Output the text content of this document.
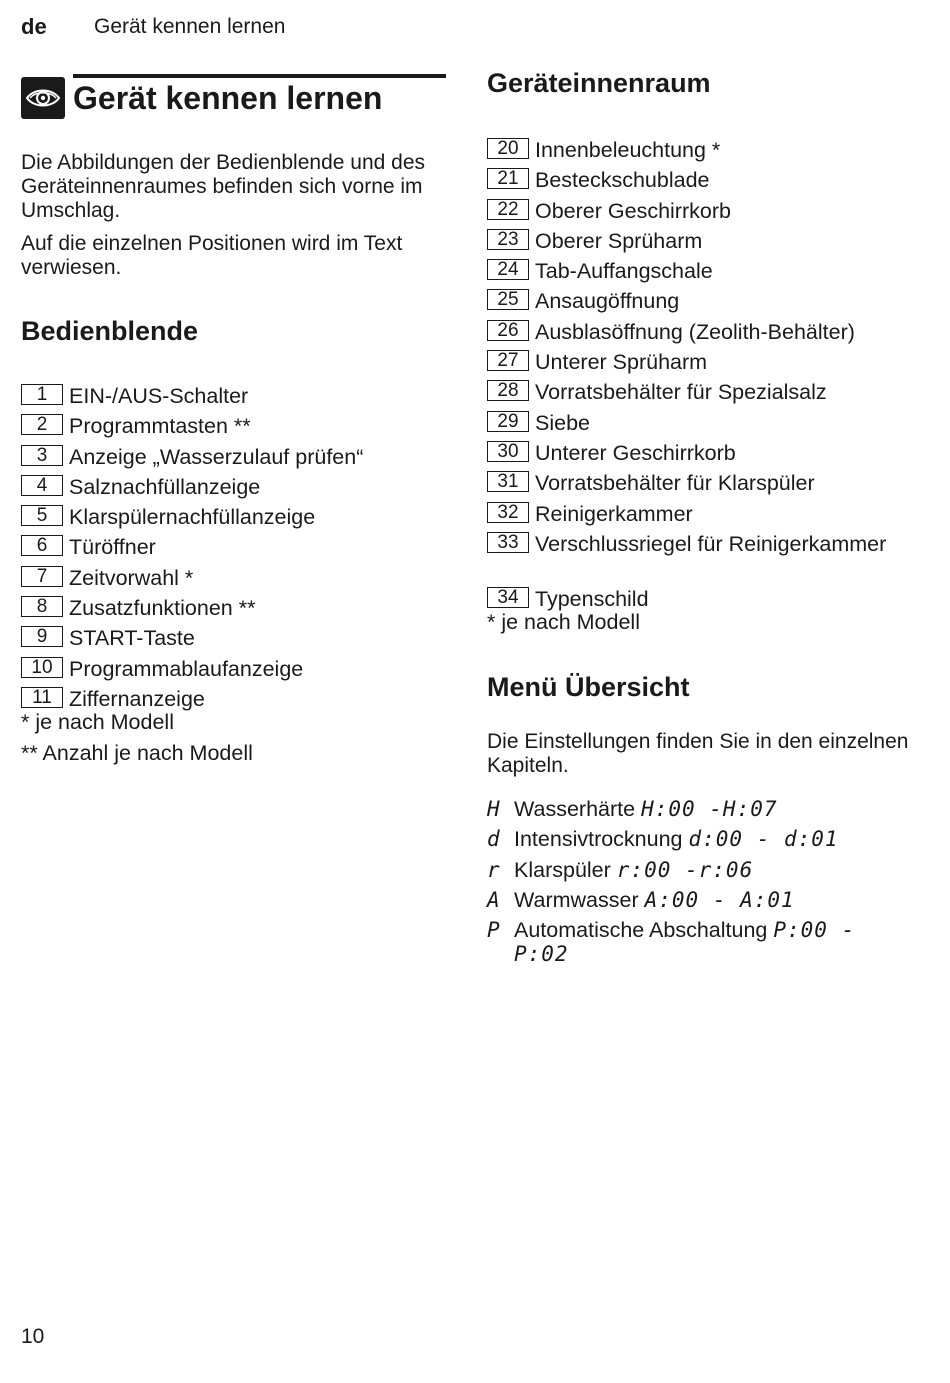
de Gerät kennen lernen
Gerät kennen lernen
Die Abbildungen der Bedienblende und des Geräteinnenraumes befinden sich vorne im Umschlag.
Auf die einzelnen Positionen wird im Text verwiesen.
Bedienblende
1	EIN-/AUS-Schalter
2	Programmtasten **
3	Anzeige „Wasserzulauf prüfen“
4	Salznachfüllanzeige
5	Klarspülernachfüllanzeige
6	Türöffner
7	Zeitvorwahl *
8	Zusatzfunktionen **
9	START-Taste
10 Programmablaufanzeige
11 Ziffernanzeige
* je nach Modell
** Anzahl je nach Modell
Geräteinnenraum
20 Innenbeleuchtung *
21 Besteckschublade
22 Oberer Geschirrkorb
23 Oberer Sprüharm
24 Tab-Auffangschale
25 Ansaugöffnung
26 Ausblasöffnung (Zeolith-Behälter)
27 Unterer Sprüharm
28 Vorratsbehälter für Spezialsalz
29 Siebe
30 Unterer Geschirrkorb
31 Vorratsbehälter für Klarspüler
32 Reinigerkammer
33 Verschlussriegel für Reinigerkammer
34 Typenschild
* je nach Modell
Menü Übersicht
Die Einstellungen finden Sie in den einzelnen Kapiteln.
H Wasserhärte H:00 -H:07
d Intensivtrocknung d:00 - d:01
r Klarspüler r:00 -r:06
A Warmwasser A:00 - A:01
P Automatische Abschaltung P:00 - P:02
10
